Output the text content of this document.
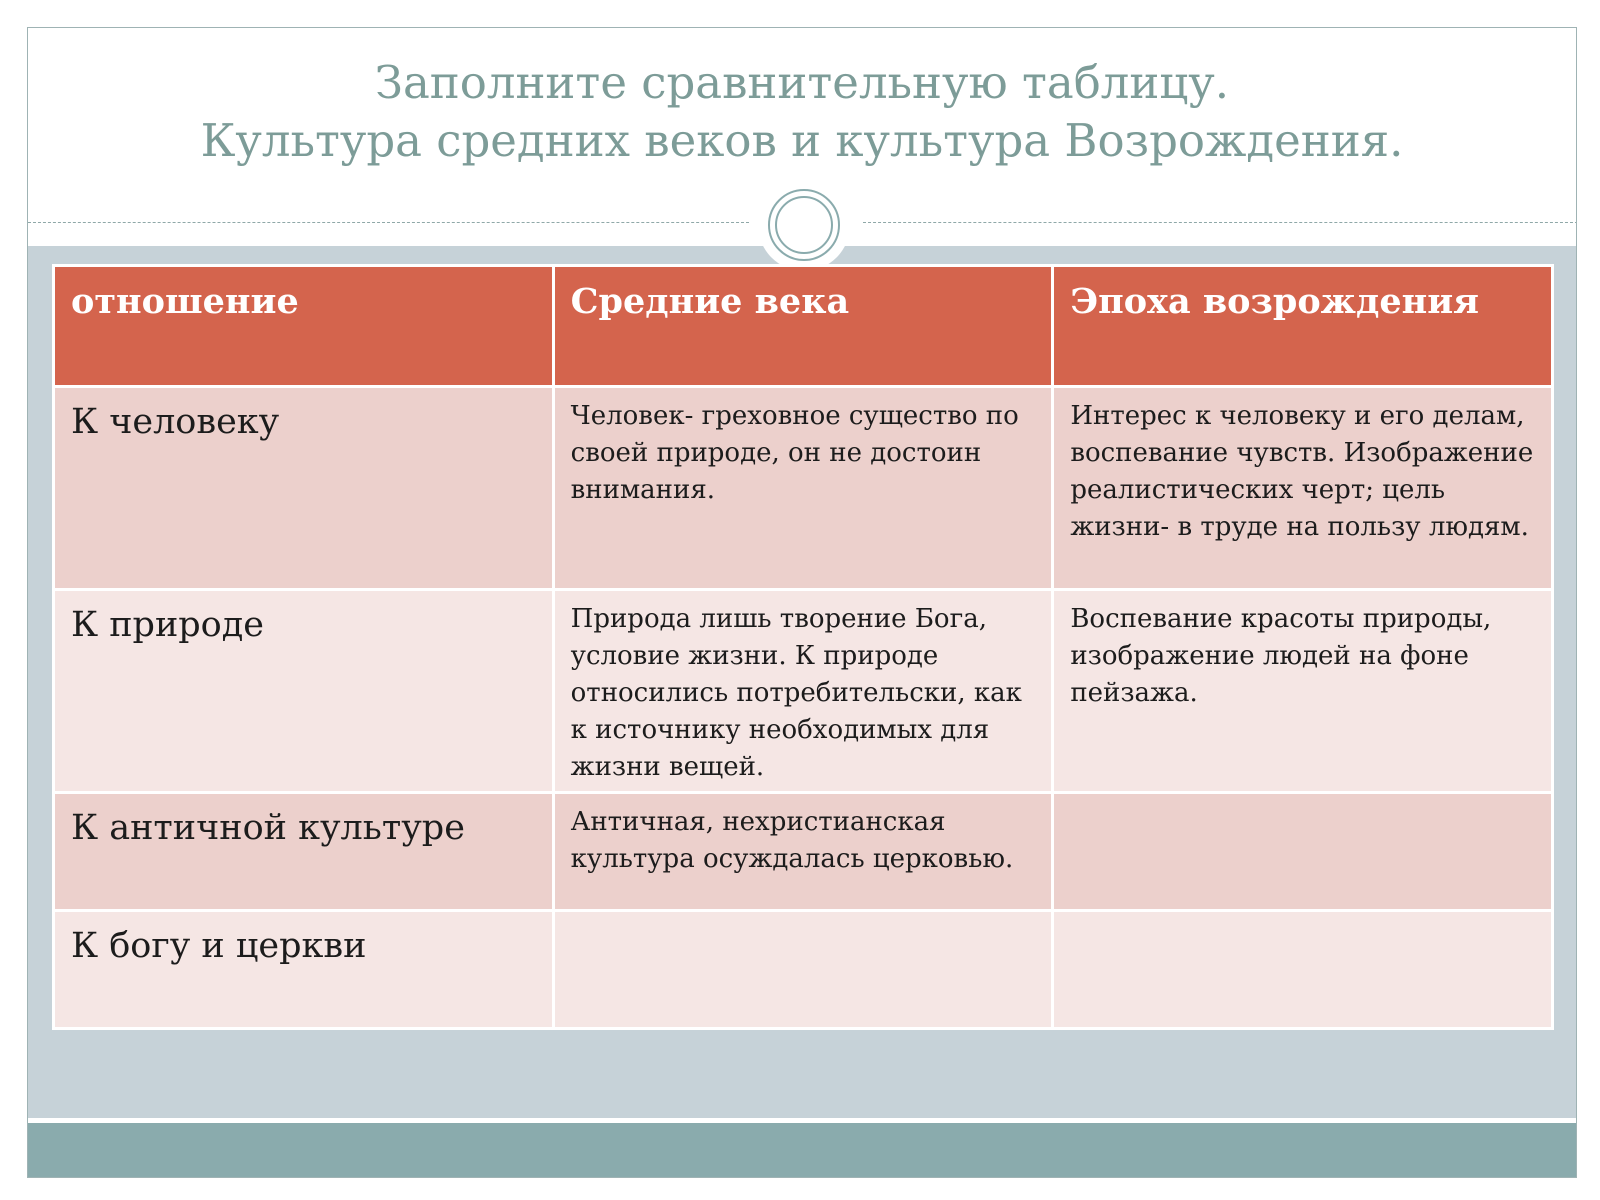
Заполните сравнительную таблицу.
Культура средних веков и культура Возрождения.
отношение	Средние века	Эпоха возрождения
К человеку	Человек- греховное существо по своей природе, он не достоин внимания.	Интерес к человеку и его делам, воспевание чувств. Изображение реалистических черт; цель жизни- в труде на пользу людям.
К природе	Природа лишь творение Бога, условие жизни. К природе относились потребительски, как к источнику необходимых для жизни вещей.	Воспевание красоты природы, изображение людей на фоне пейзажа.
К античной культуре	Античная, нехристианская культура осуждалась церковью.	
К богу и церкви		
